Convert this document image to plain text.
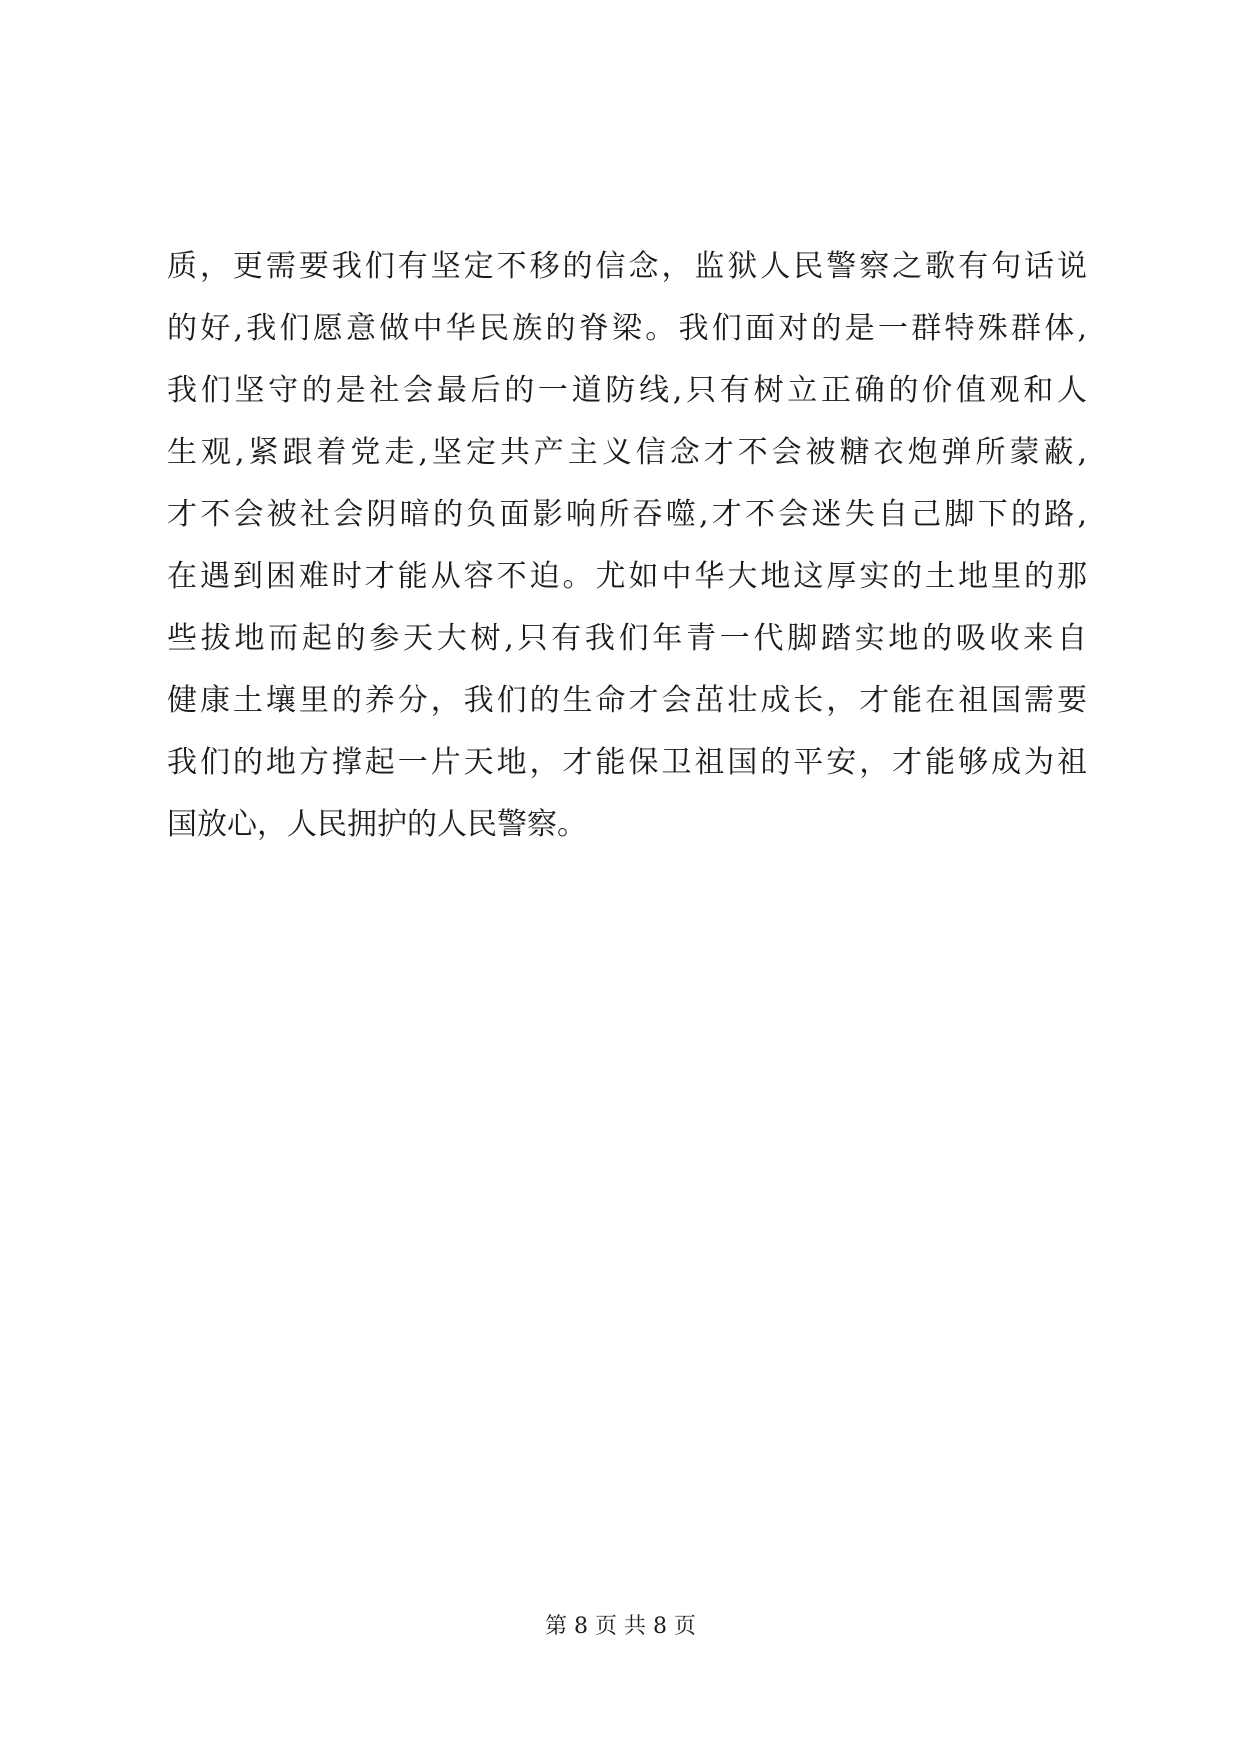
质，更需要我们有坚定不移的信念，监狱人民警察之歌有句话说
的好,我们愿意做中华民族的脊梁。我们面对的是一群特殊群体,
我们坚守的是社会最后的一道防线,只有树立正确的价值观和人
生观,紧跟着党走,坚定共产主义信念才不会被糖衣炮弹所蒙蔽,
才不会被社会阴暗的负面影响所吞噬,才不会迷失自己脚下的路,
在遇到困难时才能从容不迫。尤如中华大地这厚实的土地里的那
些拔地而起的参天大树,只有我们年青一代脚踏实地的吸收来自
健康土壤里的养分，我们的生命才会茁壮成长，才能在祖国需要
我们的地方撑起一片天地，才能保卫祖国的平安，才能够成为祖
国放心，人民拥护的人民警察。
第 8 页 共 8 页
